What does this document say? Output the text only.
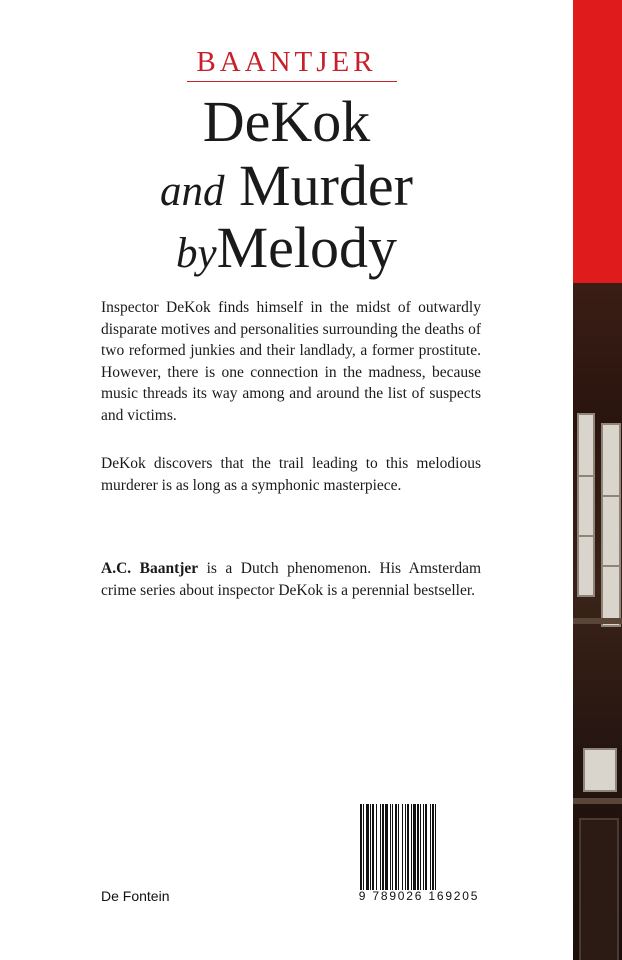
BAANTJER
DeKok
and Murder
byMelody

Inspector DeKok finds himself in the midst of outwardly disparate motives and personalities surrounding the deaths of two reformed junkies and their landlady, a former prostitute. However, there is one connection in the madness, because music threads its way among and around the list of suspects and victims.

DeKok discovers that the trail leading to this melodious murderer is as long as a symphonic masterpiece.

A.C. Baantjer is a Dutch phenomenon. His Amsterdam crime series about inspector DeKok is a perennial bestseller.

9 789026 169205
De Fontein
